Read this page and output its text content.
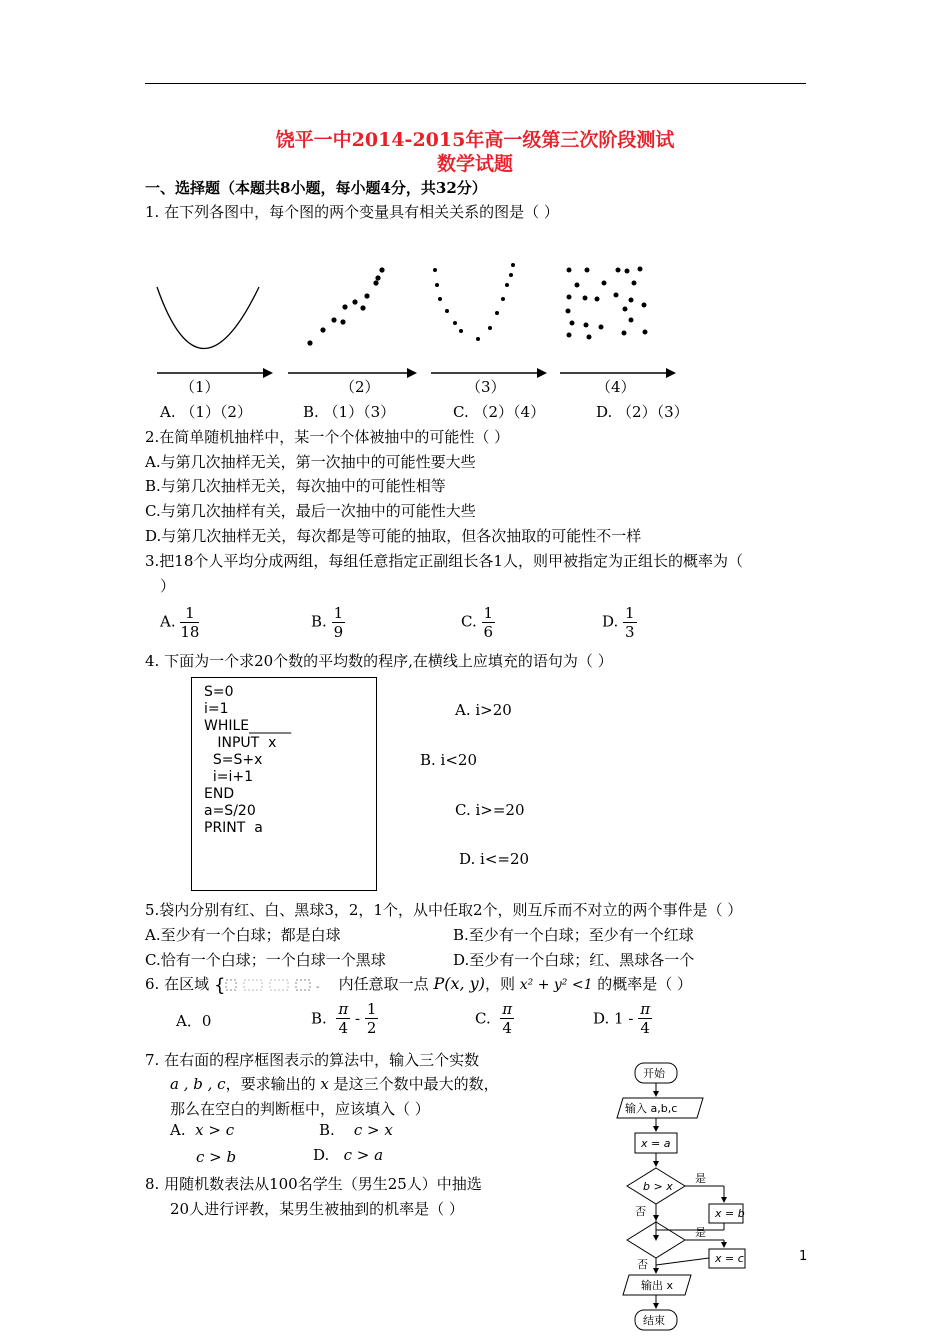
饶平一中2014-2015年高一级第三次阶段测试
数学试题
一、选择题（本题共8小题，每小题4分，共32分）
1. 在下列各图中，每个图的两个变量具有相关关系的图是（ ）
（1）	（2）	（3）	（4）
A. （1）（2）	B. （1）（3）	C. （2）（4）	D. （2）（3）
2.在简单随机抽样中，某一个个体被抽中的可能性（ ）
A.与第几次抽样无关，第一次抽中的可能性要大些
B.与第几次抽样无关，每次抽中的可能性相等
C.与第几次抽样有关，最后一次抽中的可能性大些
D.与第几次抽样无关，每次都是等可能的抽取，但各次抽取的可能性不一样
3.把18个人平均分成两组，每组任意指定正副组长各1人，则甲被指定为正组长的概率为（
）
A. $\frac{1}{18}$	B. $\frac{1}{9}$	C. $\frac{1}{6}$	D. $\frac{1}{3}$
4. 下面为一个求20个数的平均数的程序,在横线上应填充的语句为（ ）
S=0
i=1
WHILE______
INPUT  x
S=S+x
i=i+1
END
a=S/20
PRINT  a
A. i>20
B. i<20
C. i>=20
D. i<=20
5.袋内分别有红、白、黑球3，2，1个，从中任取2个，则互斥而不对立的两个事件是（ ）
A.至少有一个白球；都是白球	B.至少有一个白球；至少有一个红球
C.恰有一个白球；一个白球一个黑球	D.至少有一个白球；红、黑球各一个
6. 在区域 {	- 内任意取一点 P(x, y)，则 x² + y² <1 的概率是（ ）
A．0	B. $\frac{\pi}{4} - \frac{1}{2}$	C. $\frac{\pi}{4}$	D. $1 - \frac{\pi}{4}$
7. 在右面的程序框图表示的算法中，输入三个实数
a , b , c，要求输出的 x 是这三个数中最大的数，
那么在空白的判断框中，应该填入（ ）
A. x > c	B. c > x
c > b	D. c > a
8. 用随机数表法从100名学生（男生25人）中抽选
20人进行评教，某男生被抽到的机率是（ ）
开始
输入 a,b,c
x = a
b > x
是
否	x = b
是
否	x = c
输出 x
结束
1
